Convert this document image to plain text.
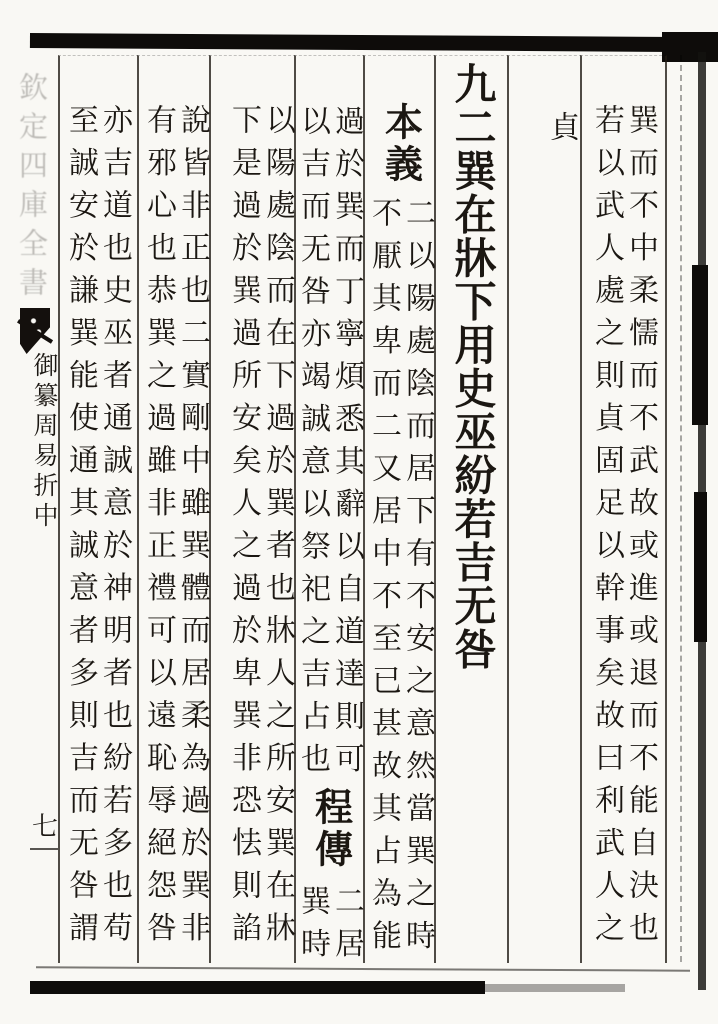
巽而不中柔懦而不武故或進或退而不能自決也
若以武人處之則貞固足以幹事矣故曰利武人之
貞
九二巽在牀下用史巫紛若吉无咎
本義
二以陽處陰而居下有不安之意然當巽之時
不厭其卑而二又居中不至已甚故其占為能
過於巽而丁寧煩悉其辭以自道達則可
以吉而无咎亦竭誠意以祭祀之吉占也
程傳
二居
巽時
以陽處陰而在下過於巽者也牀人之所安巽在牀
下是過於巽過所安矣人之過於卑巽非恐怯則諂
說皆非正也二實剛中雖巽體而居柔為過於巽非
有邪心也恭巽之過雖非正禮可以遠恥辱絕怨咎
亦吉道也史巫者通誠意於神明者也紛若多也苟
至誠安於謙巽能使通其誠意者多則吉而无咎謂
欽定四庫全書
御纂周易折中
七
